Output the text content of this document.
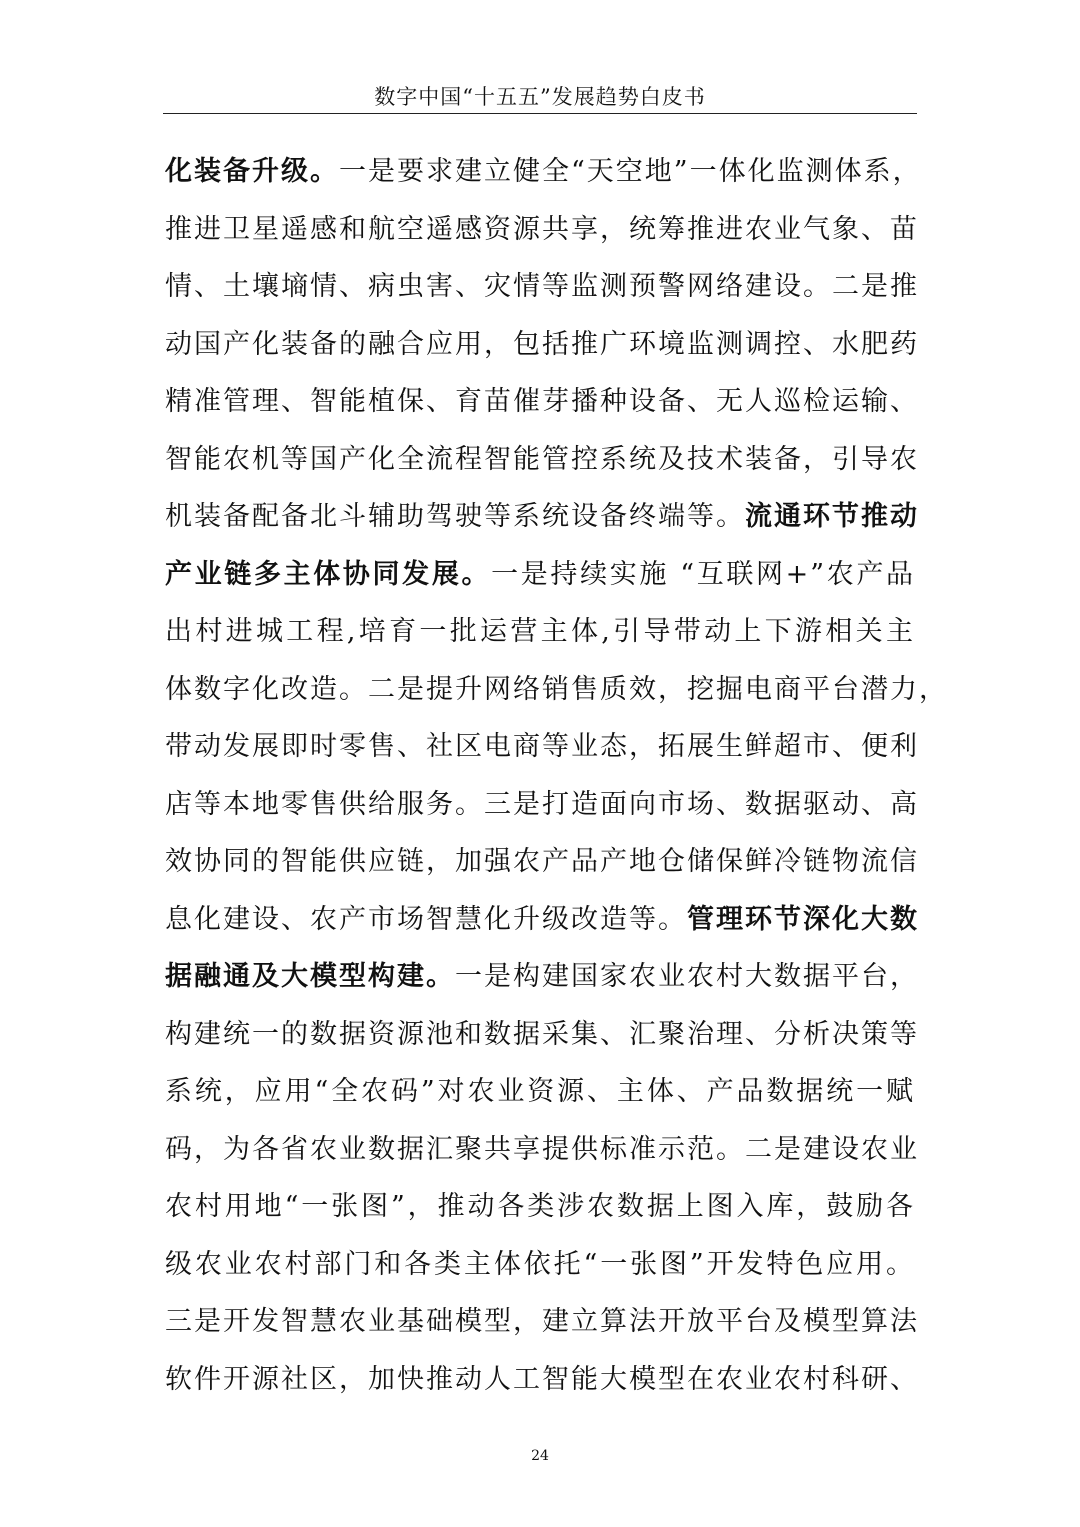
数字中国“十五五”发展趋势白皮书
化装备升级。一是要求建立健全“天空地”一体化监测体系，
推进卫星遥感和航空遥感资源共享，统筹推进农业气象、苗
情、土壤墒情、病虫害、灾情等监测预警网络建设。二是推
动国产化装备的融合应用，包括推广环境监测调控、水肥药
精准管理、智能植保、育苗催芽播种设备、无人巡检运输、
智能农机等国产化全流程智能管控系统及技术装备，引导农
机装备配备北斗辅助驾驶等系统设备终端等。流通环节推动
产业链多主体协同发展。一是持续实施 “互联网+”农产品
出村进城工程,培育一批运营主体,引导带动上下游相关主
体数字化改造。二是提升网络销售质效，挖掘电商平台潜力，
带动发展即时零售、社区电商等业态，拓展生鲜超市、便利
店等本地零售供给服务。三是打造面向市场、数据驱动、高
效协同的智能供应链，加强农产品产地仓储保鲜冷链物流信
息化建设、农产市场智慧化升级改造等。管理环节深化大数
据融通及大模型构建。一是构建国家农业农村大数据平台，
构建统一的数据资源池和数据采集、汇聚治理、分析决策等
系统，应用“全农码”对农业资源、主体、产品数据统一赋
码，为各省农业数据汇聚共享提供标准示范。二是建设农业
农村用地“一张图”，推动各类涉农数据上图入库，鼓励各
级农业农村部门和各类主体依托“一张图”开发特色应用。
三是开发智慧农业基础模型，建立算法开放平台及模型算法
软件开源社区，加快推动人工智能大模型在农业农村科研、
24
